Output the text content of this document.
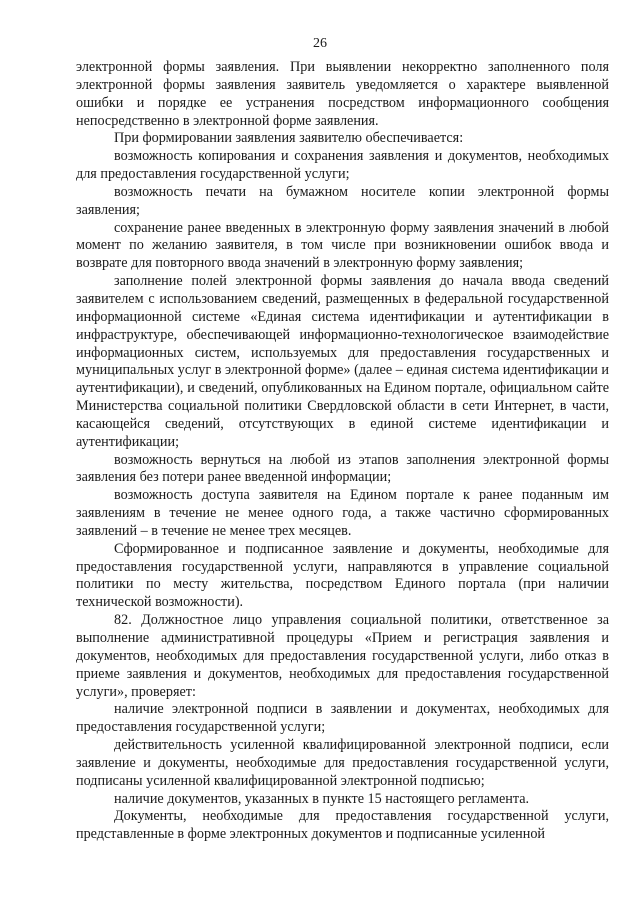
26

электронной формы заявления. При выявлении некорректно заполненного поля электронной формы заявления заявитель уведомляется о характере выявленной ошибки и порядке ее устранения посредством информационного сообщения непосредственно в электронной форме заявления.

При формировании заявления заявителю обеспечивается:

возможность копирования и сохранения заявления и документов, необходимых для предоставления государственной услуги;

возможность печати на бумажном носителе копии электронной формы заявления;

сохранение ранее введенных в электронную форму заявления значений в любой момент по желанию заявителя, в том числе при возникновении ошибок ввода и возврате для повторного ввода значений в электронную форму заявления;

заполнение полей электронной формы заявления до начала ввода сведений заявителем с использованием сведений, размещенных в федеральной государственной информационной системе «Единая система идентификации и аутентификации в инфраструктуре, обеспечивающей информационно-технологическое взаимодействие информационных систем, используемых для предоставления государственных и муниципальных услуг в электронной форме» (далее – единая система идентификации и аутентификации), и сведений, опубликованных на Едином портале, официальном сайте Министерства социальной политики Свердловской области в сети Интернет, в части, касающейся сведений, отсутствующих в единой системе идентификации и аутентификации;

возможность вернуться на любой из этапов заполнения электронной формы заявления без потери ранее введенной информации;

возможность доступа заявителя на Едином портале к ранее поданным им заявлениям в течение не менее одного года, а также частично сформированных заявлений – в течение не менее трех месяцев.

Сформированное и подписанное заявление и документы, необходимые для предоставления государственной услуги, направляются в управление социальной политики по месту жительства, посредством Единого портала (при наличии технической возможности).

82. Должностное лицо управления социальной политики, ответственное за выполнение административной процедуры «Прием и регистрация заявления и документов, необходимых для предоставления государственной услуги, либо отказ в приеме заявления и документов, необходимых для предоставления государственной услуги», проверяет:

наличие электронной подписи в заявлении и документах, необходимых для предоставления государственной услуги;

действительность усиленной квалифицированной электронной подписи, если заявление и документы, необходимые для предоставления государственной услуги, подписаны усиленной квалифицированной электронной подписью;

наличие документов, указанных в пункте 15 настоящего регламента.

Документы, необходимые для предоставления государственной услуги, представленные в форме электронных документов и подписанные усиленной
